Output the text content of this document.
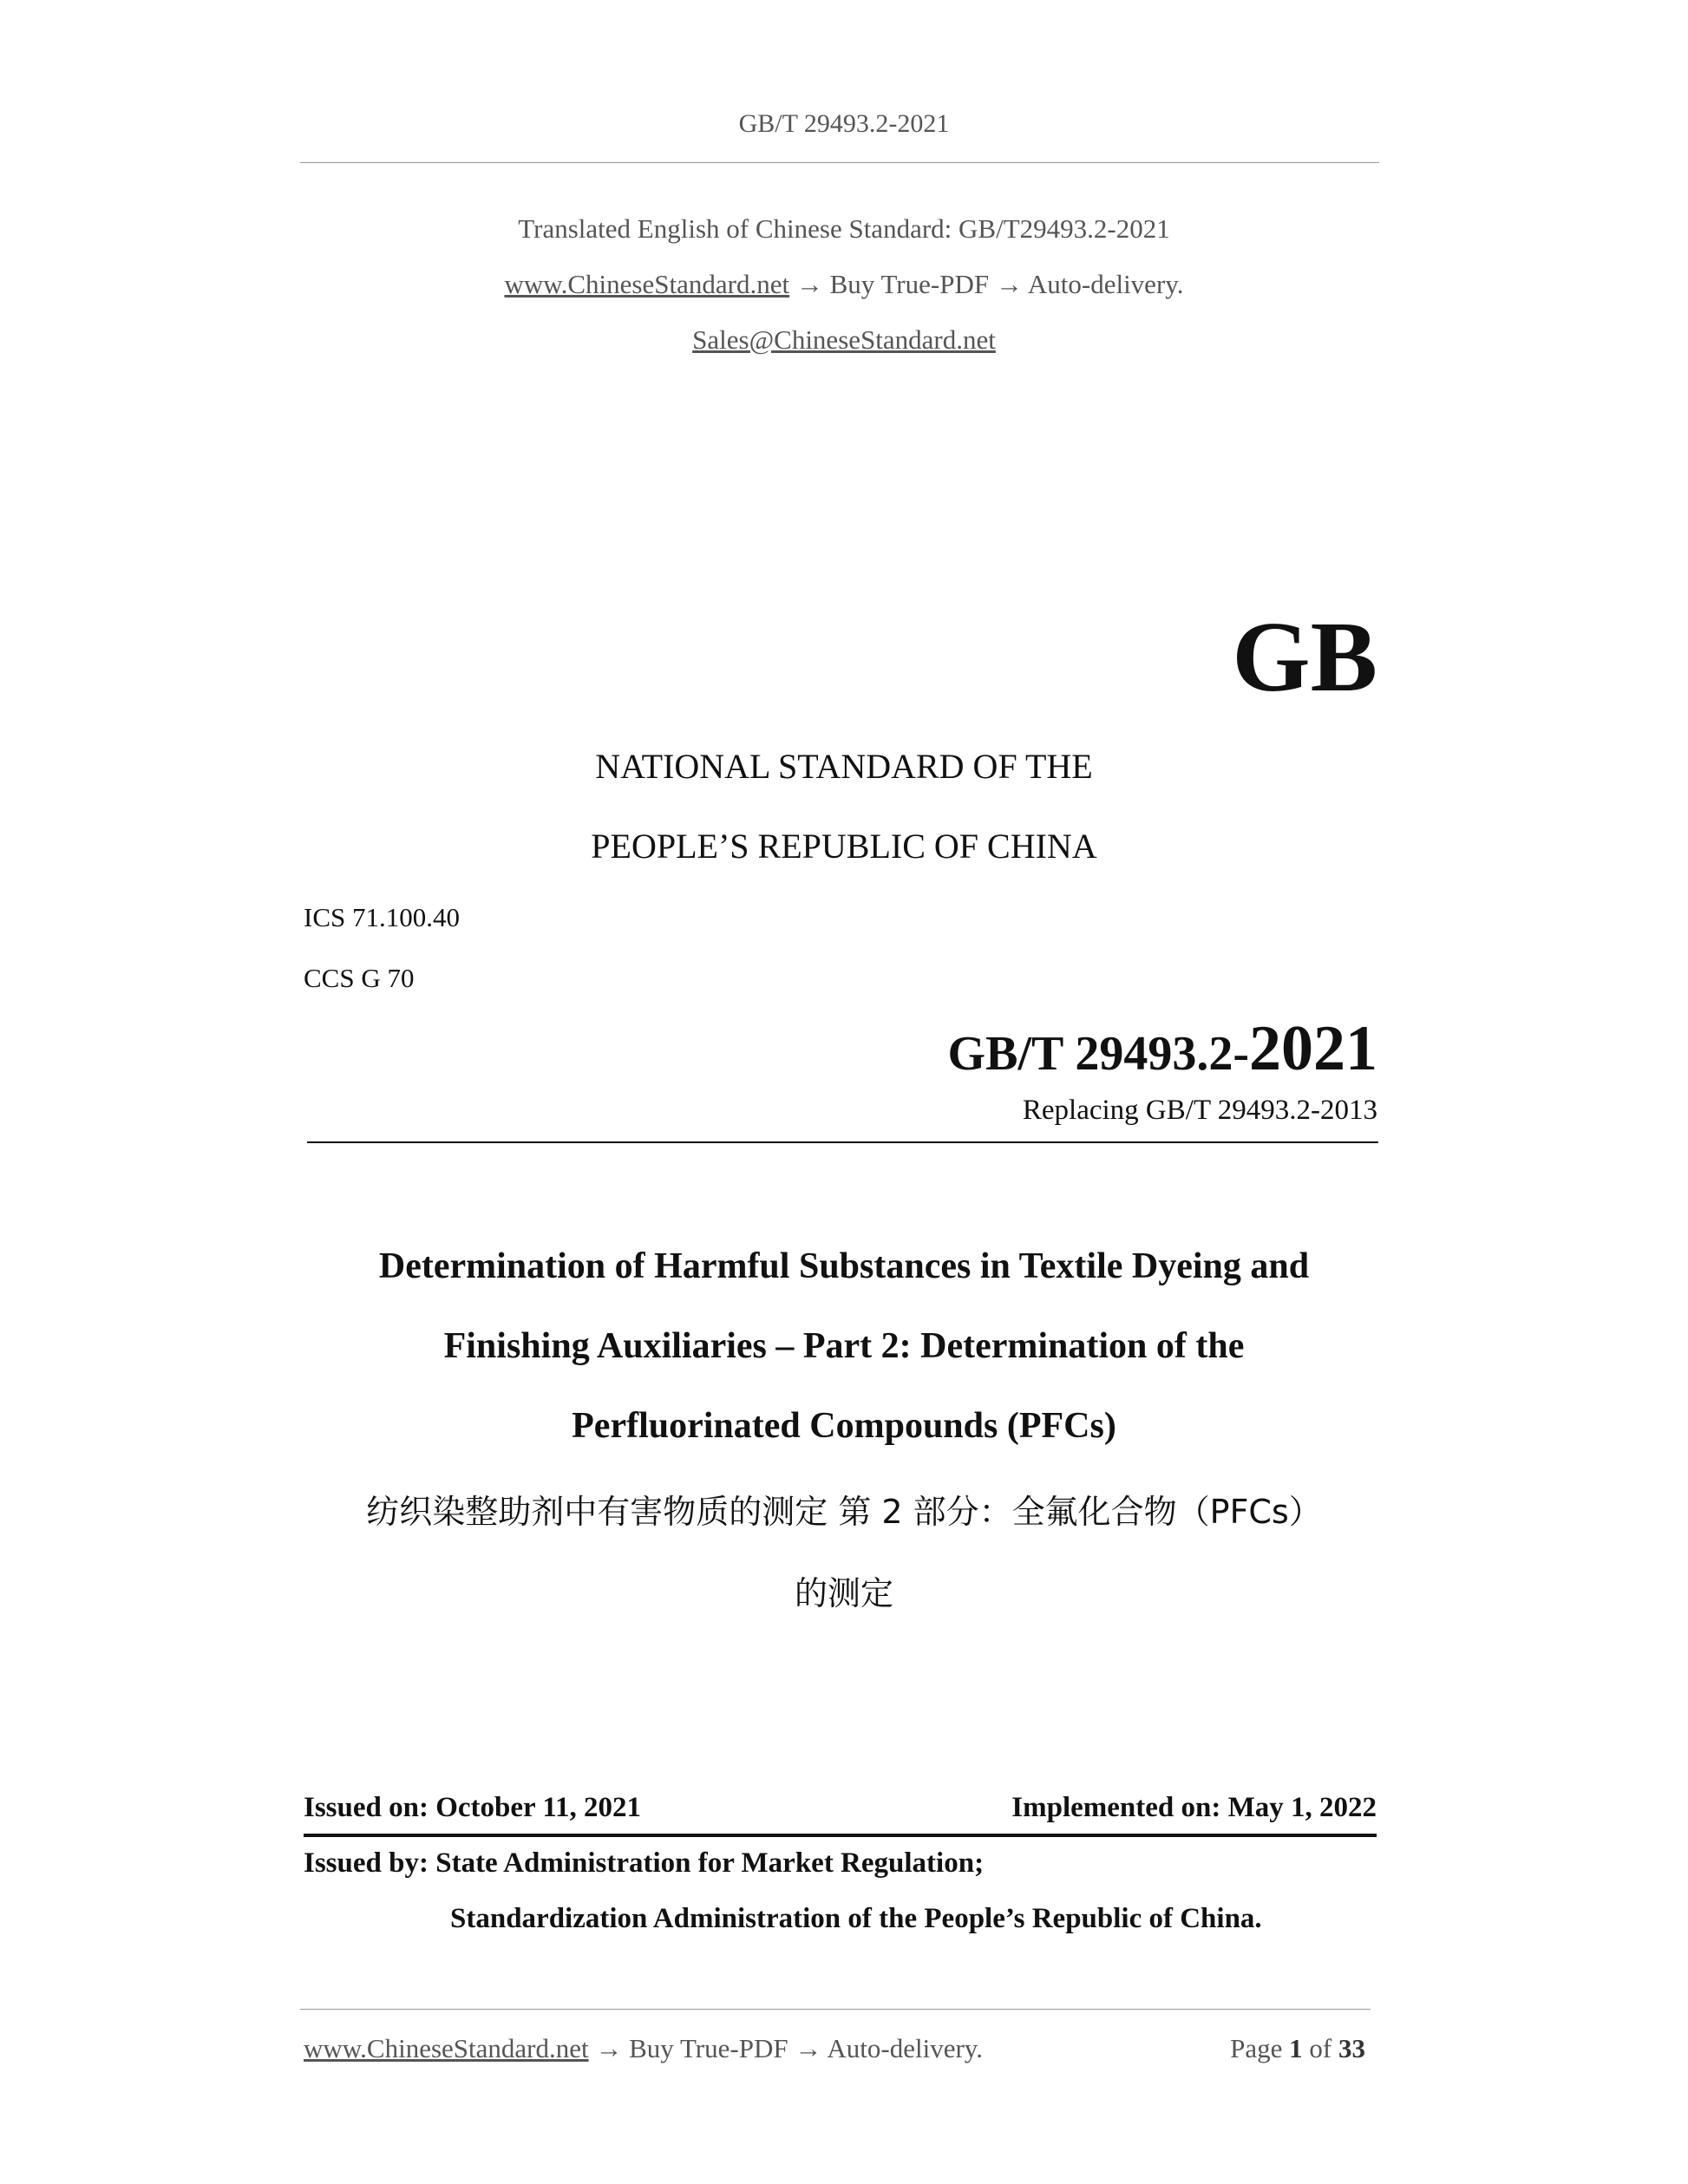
GB/T 29493.2-2021
Translated English of Chinese Standard: GB/T29493.2-2021
www.ChineseStandard.net → Buy True-PDF → Auto-delivery.
Sales@ChineseStandard.net
GB
NATIONAL STANDARD OF THE
PEOPLE’S REPUBLIC OF CHINA
ICS 71.100.40
CCS G 70
GB/T 29493.2-2021
Replacing GB/T 29493.2-2013
Determination of Harmful Substances in Textile Dyeing and
Finishing Auxiliaries – Part 2: Determination of the
Perfluorinated Compounds (PFCs)
纺织染整助剂中有害物质的测定 第 2 部分：全氟化合物（PFCs）
的测定
Issued on: October 11, 2021	Implemented on: May 1, 2022
Issued by: State Administration for Market Regulation;
Standardization Administration of the People’s Republic of China.
www.ChineseStandard.net → Buy True-PDF → Auto-delivery.	Page 1 of 33
